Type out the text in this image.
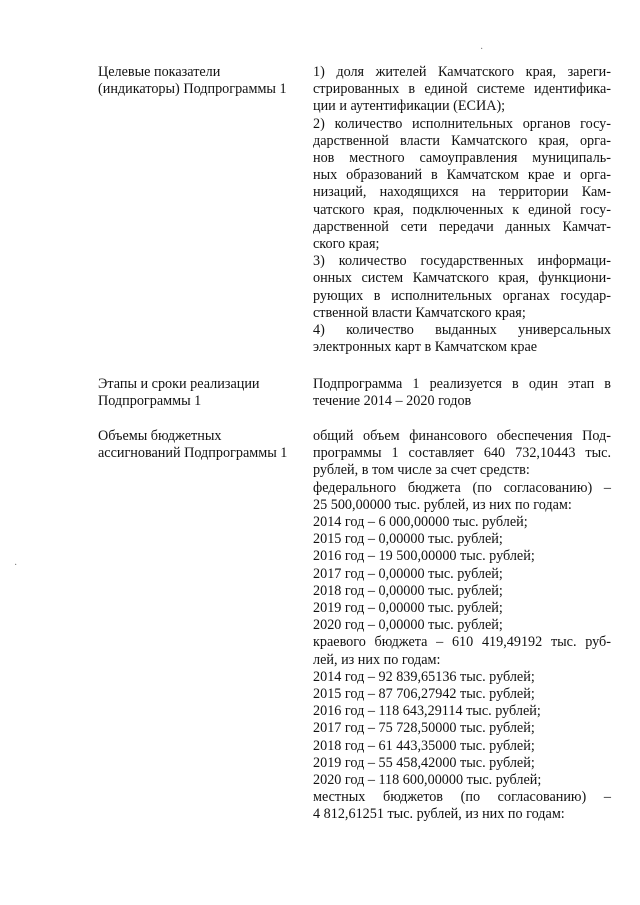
Целевые показатели
(индикаторы) Подпрограммы 1
1) доля жителей Камчатского края, зареги-
стрированных в единой системе идентифика-
ции и аутентификации (ЕСИА);
2) количество исполнительных органов госу-
дарственной власти Камчатского края, орга-
нов местного самоуправления муниципаль-
ных образований в Камчатском крае и орга-
низаций, находящихся на территории Кам-
чатского края, подключенных к единой госу-
дарственной сети передачи данных Камчат-
ского края;
3) количество государственных информаци-
онных систем Камчатского края, функциони-
рующих в исполнительных органах государ-
ственной власти Камчатского края;
4) количество выданных универсальных
электронных карт в Камчатском крае
Этапы и сроки реализации
Подпрограммы 1
Подпрограмма 1 реализуется в один этап в
течение 2014 – 2020 годов
Объемы бюджетных
ассигнований Подпрограммы 1
общий объем финансового обеспечения Под-
программы 1 составляет 640 732,10443 тыс.
рублей, в том числе за счет средств:
федерального бюджета (по согласованию) –
25 500,00000 тыс. рублей, из них по годам:
2014 год – 6 000,00000 тыс. рублей;
2015 год – 0,00000 тыс. рублей;
2016 год – 19 500,00000 тыс. рублей;
2017 год – 0,00000 тыс. рублей;
2018 год – 0,00000 тыс. рублей;
2019 год – 0,00000 тыс. рублей;
2020 год – 0,00000 тыс. рублей;
краевого бюджета – 610 419,49192 тыс. руб-
лей, из них по годам:
2014 год – 92 839,65136 тыс. рублей;
2015 год – 87 706,27942 тыс. рублей;
2016 год – 118 643,29114 тыс. рублей;
2017 год – 75 728,50000 тыс. рублей;
2018 год – 61 443,35000 тыс. рублей;
2019 год – 55 458,42000 тыс. рублей;
2020 год – 118 600,00000 тыс. рублей;
местных бюджетов (по согласованию) –
4 812,61251 тыс. рублей, из них по годам:
·
·
